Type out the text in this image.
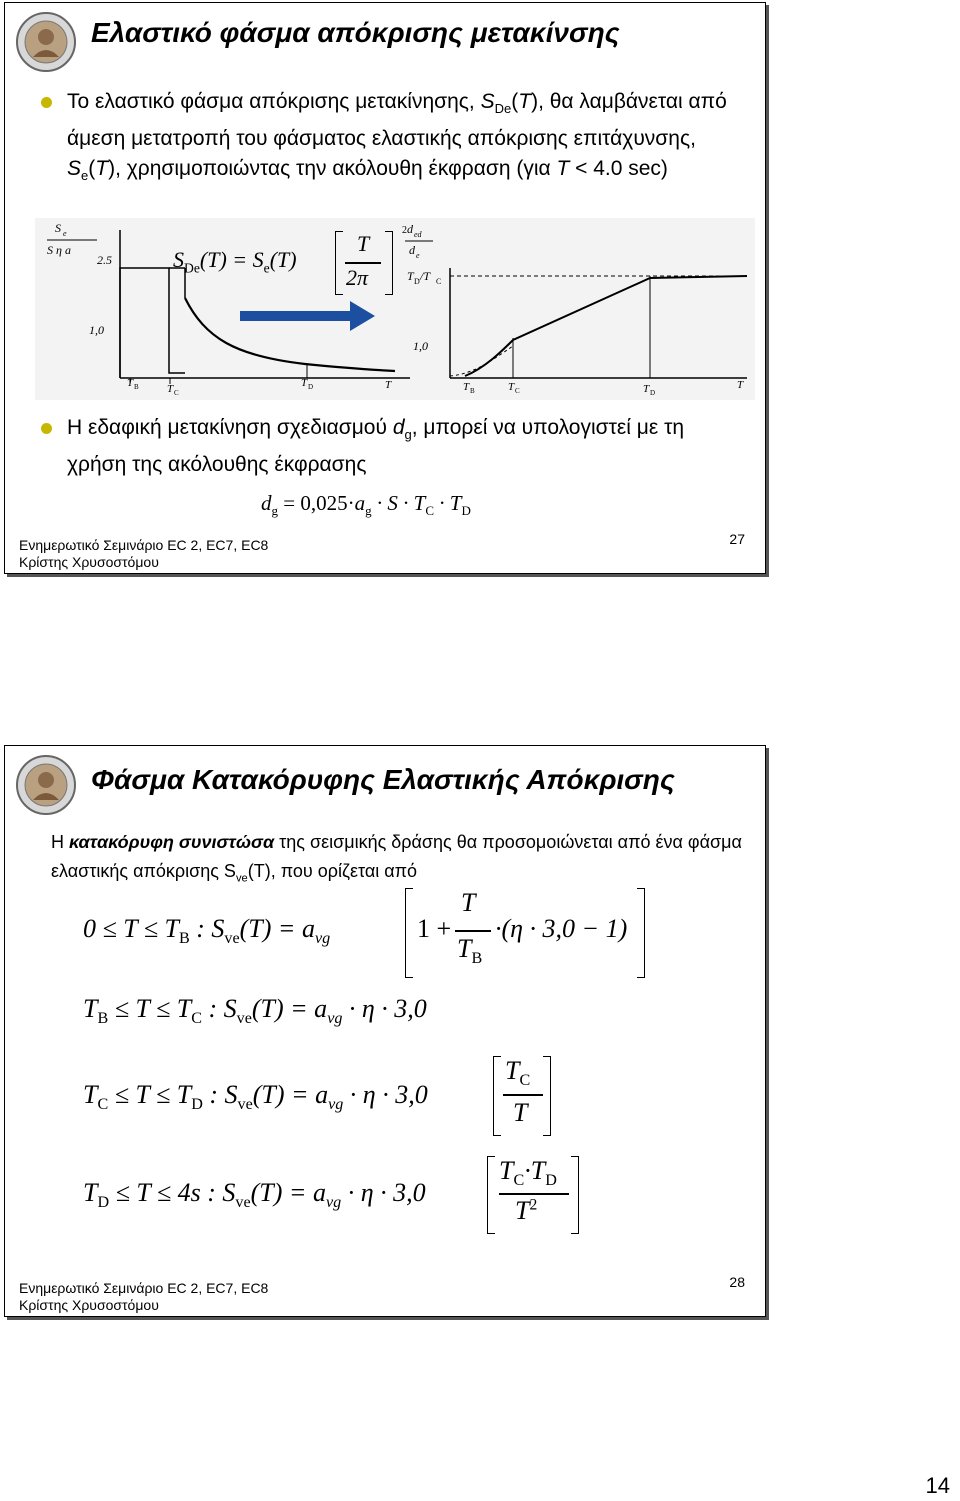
Ελαστικό φάσμα απόκρισης μετακίνσης
Το ελαστικό φάσμα απόκρισης μετακίνησης, $S_{De}(T)$, θα λαμβάνεται από άμεση μετατροπή του φάσματος ελαστικής απόκρισης επιτάχυνσης, $S_e(T)$, χρησιμοποιώντας την ακόλουθη έκφραση (για T < 4.0 sec)
S e
S η a
2.5
1,0
T B	T C
T D	T
2 d ed
d e
T D /T C
1,0
T B	T C	T D
T
$S_{De}(T) = S_e(T)$
T
2π
Η εδαφική μετακίνηση σχεδιασμού $d_g$, μπορεί να υπολογιστεί με τη χρήση της ακόλουθης έκφρασης
$d_g = 0,025\cdot a_g \cdot S \cdot T_C \cdot T_D$
Ενημερωτικό Σεμινάριο EC 2, EC7, EC8
Κρίστης Χρυσοστόμου
27
Φάσμα Κατακόρυφης Ελαστικής Απόκρισης
Η κατακόρυφη συνιστώσα της σεισμικής δράσης θα προσομοιώνεται από ένα φάσμα ελαστικής απόκρισης $S_{ve}(T)$, που ορίζεται από
$0 \le T \le T_B$ : $S_{ve}(T) = a_{vg}$	1 +
T
$T_B$
·(η · 3,0 − 1)
$T_B \le T \le T_C$ : $S_{ve}(T) = a_{vg} \cdot \eta \cdot 3,0$
$T_C \le T \le T_D$ : $S_{ve}(T) = a_{vg} \cdot \eta \cdot 3,0$
$T_C$
T
$T_D \le T \le 4s$ : $S_{ve}(T) = a_{vg} \cdot \eta \cdot 3,0$
$T_C\cdot T_D$
$T^2$
Ενημερωτικό Σεμινάριο EC 2, EC7, EC8
Κρίστης Χρυσοστόμου
28
14
